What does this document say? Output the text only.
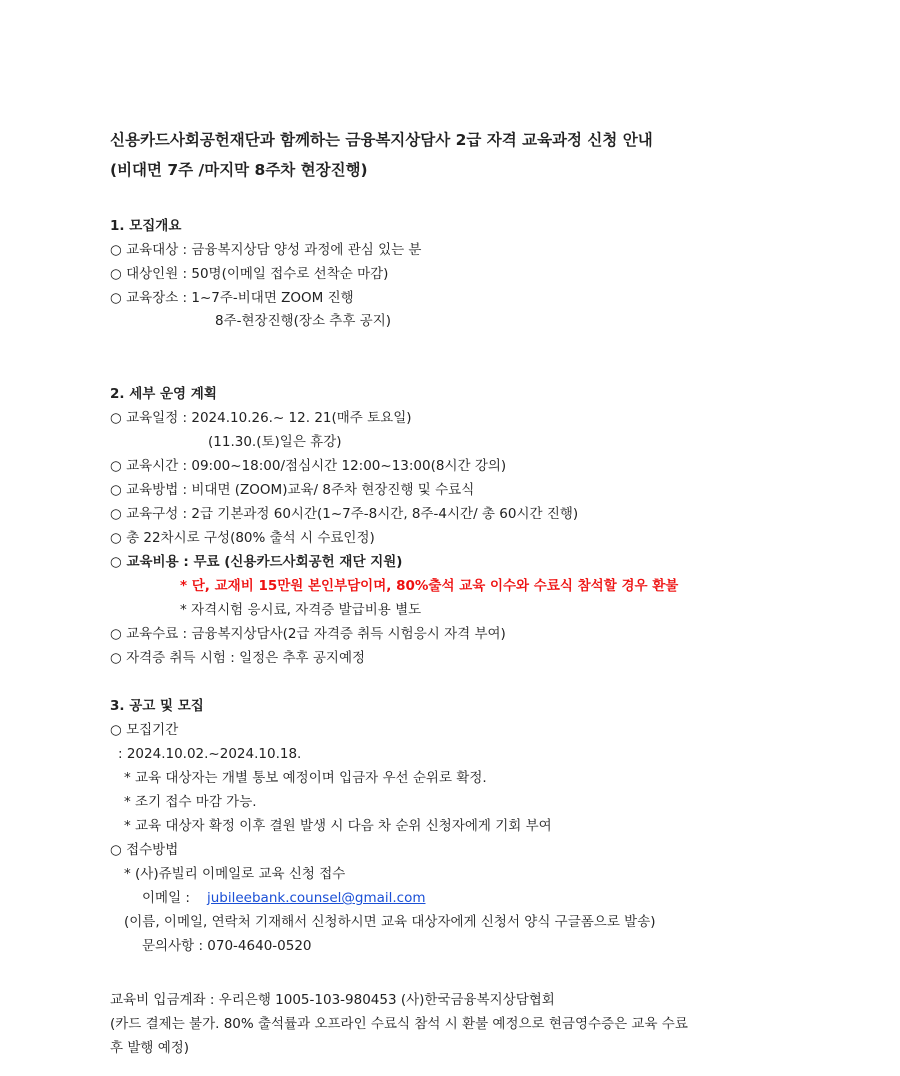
신용카드사회공헌재단과 함께하는 금융복지상담사 2급 자격 교육과정 신청 안내
(비대면 7주 /마지막 8주차 현장진행)
1. 모집개요
○ 교육대상 : 금융복지상담 양성 과정에 관심 있는 분
○ 대상인원 : 50명(이메일 접수로 선착순 마감)
○ 교육장소 : 1~7주-비대면 ZOOM 진행
8주-현장진행(장소 추후 공지)
2. 세부 운영 계획
○ 교육일정 : 2024.10.26.~ 12. 21(매주 토요일)
(11.30.(토)일은 휴강)
○ 교육시간 : 09:00~18:00/점심시간 12:00~13:00(8시간 강의)
○ 교육방법 : 비대면 (ZOOM)교육/ 8주차 현장진행 및 수료식
○ 교육구성 : 2급 기본과정 60시간(1~7주-8시간, 8주-4시간/ 총 60시간 진행)
○ 총 22차시로 구성(80% 출석 시 수료인정)
○ 교육비용 : 무료 (신용카드사회공헌 재단 지원)
* 단, 교재비 15만원 본인부담이며, 80%출석 교육 이수와 수료식 참석할 경우 환불
* 자격시험 응시료, 자격증 발급비용 별도
○ 교육수료 : 금융복지상담사(2급 자격증 취득 시험응시 자격 부여)
○ 자격증 취득 시험 : 일정은 추후 공지예정
3. 공고 및 모집
○ 모집기간
: 2024.10.02.~2024.10.18.
* 교육 대상자는 개별 통보 예정이며 입금자 우선 순위로 확정.
* 조기 접수 마감 가능.
* 교육 대상자 확정 이후 결원 발생 시 다음 차 순위 신청자에게 기회 부여
○ 접수방법
* (사)쥬빌리 이메일로 교육 신청 접수
이메일 : jubileebank.counsel@gmail.com
(이름, 이메일, 연락처 기재해서 신청하시면 교육 대상자에게 신청서 양식 구글폼으로 발송)
문의사항 : 070-4640-0520
교육비 입금계좌 : 우리은행 1005-103-980453 (사)한국금융복지상담협회
(카드 결제는 불가. 80% 출석률과 오프라인 수료식 참석 시 환불 예정으로 현금영수증은 교육 수료
후 발행 예정)
